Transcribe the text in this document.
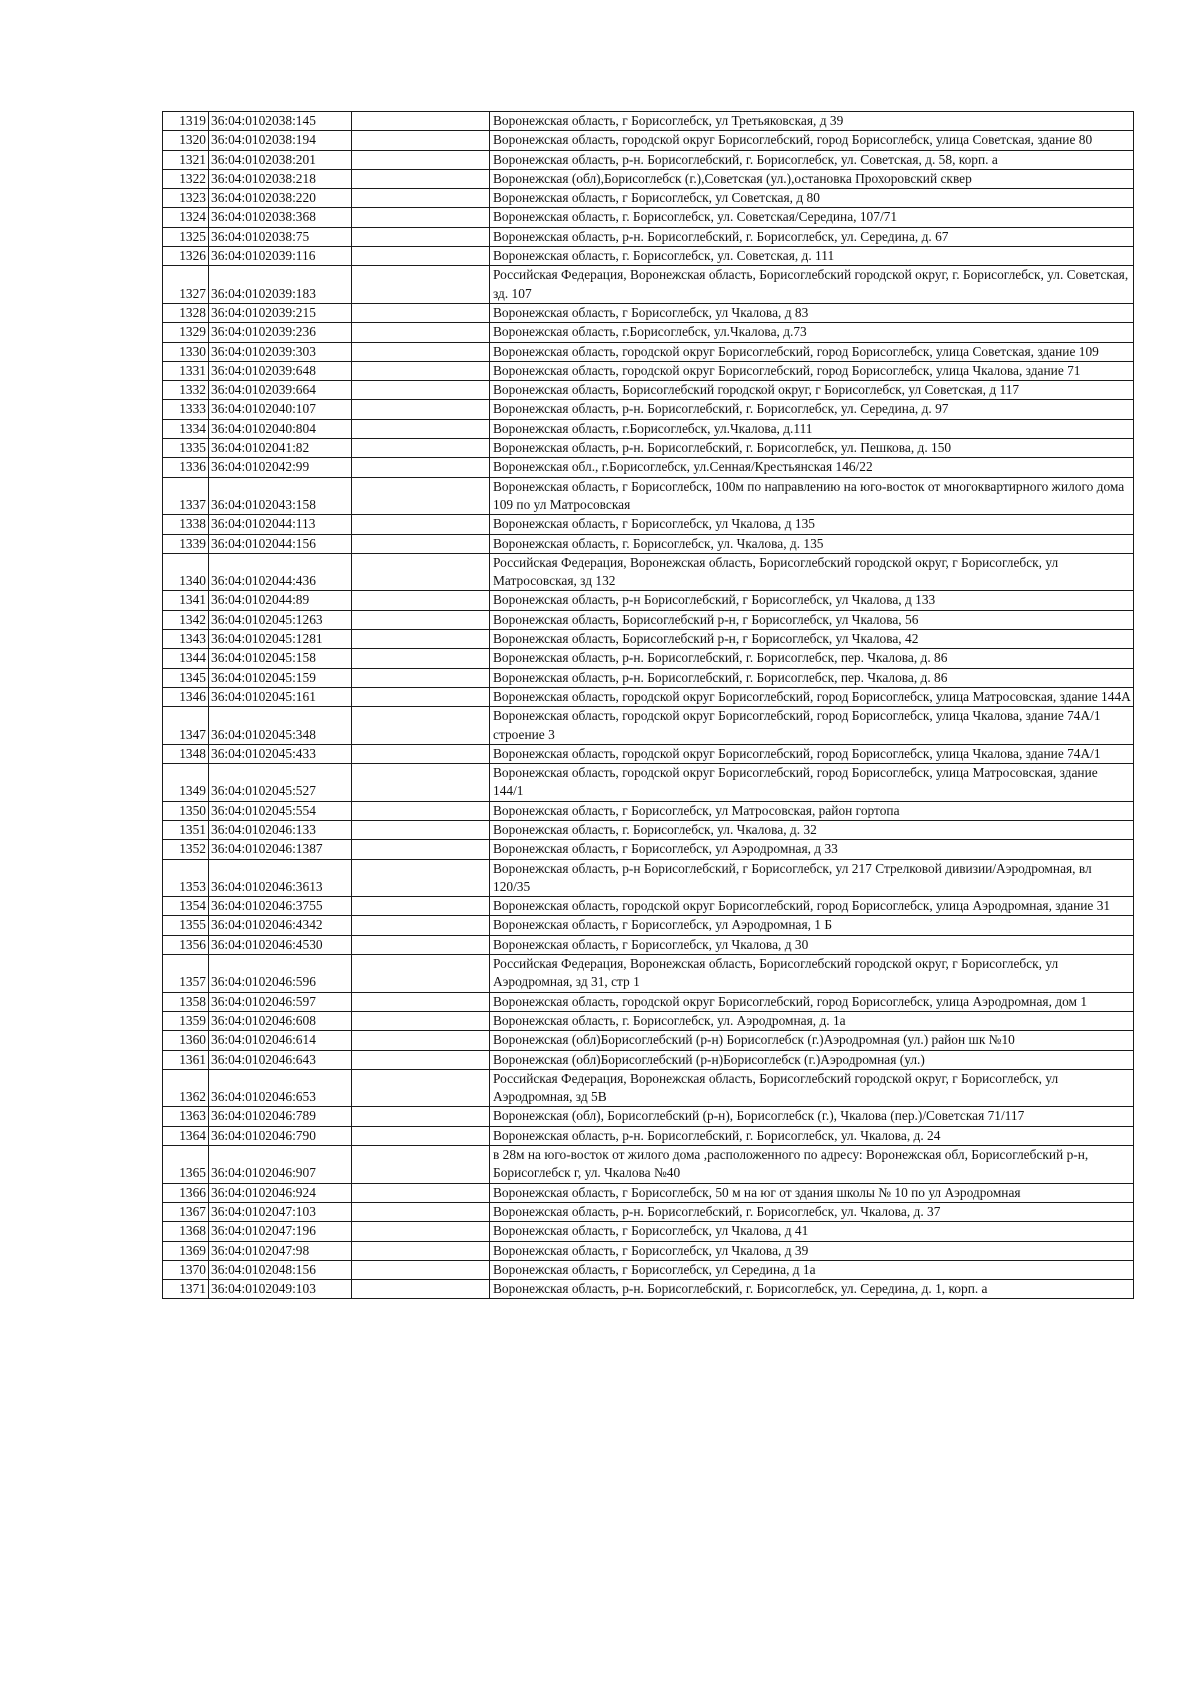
1319	36:04:0102038:145		Воронежская область, г Борисоглебск, ул Третьяковская, д 39
1320	36:04:0102038:194		Воронежская область, городской округ Борисоглебский, город Борисоглебск, улица Советская, здание 80
1321	36:04:0102038:201		Воронежская область, р-н. Борисоглебский, г. Борисоглебск, ул. Советская, д. 58, корп. а
1322	36:04:0102038:218		Воронежская (обл),Борисоглебск (г.),Советская (ул.),остановка Прохоровский сквер
1323	36:04:0102038:220		Воронежская область, г Борисоглебск, ул Советская, д 80
1324	36:04:0102038:368		Воронежская область, г. Борисоглебск, ул. Советская/Середина, 107/71
1325	36:04:0102038:75		Воронежская область, р-н. Борисоглебский, г. Борисоглебск, ул. Середина, д. 67
1326	36:04:0102039:116		Воронежская область, г. Борисоглебск, ул. Советская, д. 111
1327	36:04:0102039:183		Российская Федерация, Воронежская область, Борисоглебский городской округ, г. Борисоглебск, ул. Советская, зд. 107
1328	36:04:0102039:215		Воронежская область, г Борисоглебск, ул Чкалова, д 83
1329	36:04:0102039:236		Воронежская область, г.Борисоглебск, ул.Чкалова, д.73
1330	36:04:0102039:303		Воронежская область, городской округ Борисоглебский, город Борисоглебск, улица Советская, здание 109
1331	36:04:0102039:648		Воронежская область, городской округ Борисоглебский, город Борисоглебск, улица Чкалова, здание 71
1332	36:04:0102039:664		Воронежская область, Борисоглебский городской округ, г Борисоглебск, ул Советская, д 117
1333	36:04:0102040:107		Воронежская область, р-н. Борисоглебский, г. Борисоглебск, ул. Середина, д. 97
1334	36:04:0102040:804		Воронежская область, г.Борисоглебск, ул.Чкалова, д.111
1335	36:04:0102041:82		Воронежская область, р-н. Борисоглебский, г. Борисоглебск, ул. Пешкова, д. 150
1336	36:04:0102042:99		Воронежская обл., г.Борисоглебск, ул.Сенная/Крестьянская 146/22
1337	36:04:0102043:158		Воронежская область, г Борисоглебск, 100м по направлению на юго-восток от многоквартирного жилого дома 109 по ул Матросовская
1338	36:04:0102044:113		Воронежская область, г Борисоглебск, ул Чкалова, д 135
1339	36:04:0102044:156		Воронежская область, г. Борисоглебск, ул. Чкалова, д. 135
1340	36:04:0102044:436		Российская Федерация, Воронежская область, Борисоглебский городской округ, г Борисоглебск, ул Матросовская, зд 132
1341	36:04:0102044:89		Воронежская область, р-н Борисоглебский, г Борисоглебск, ул Чкалова, д 133
1342	36:04:0102045:1263		Воронежская область, Борисоглебский р-н, г Борисоглебск, ул Чкалова, 56
1343	36:04:0102045:1281		Воронежская область, Борисоглебский р-н, г Борисоглебск, ул Чкалова, 42
1344	36:04:0102045:158		Воронежская область, р-н. Борисоглебский, г. Борисоглебск, пер. Чкалова, д. 86
1345	36:04:0102045:159		Воронежская область, р-н. Борисоглебский, г. Борисоглебск, пер. Чкалова, д. 86
1346	36:04:0102045:161		Воронежская область, городской округ Борисоглебский, город Борисоглебск, улица Матросовская, здание 144А
1347	36:04:0102045:348		Воронежская область, городской округ Борисоглебский, город Борисоглебск, улица Чкалова, здание 74А/1 строение 3
1348	36:04:0102045:433		Воронежская область, городской округ Борисоглебский, город Борисоглебск, улица Чкалова, здание 74А/1
1349	36:04:0102045:527		Воронежская область, городской округ Борисоглебский, город Борисоглебск, улица Матросовская, здание 144/1
1350	36:04:0102045:554		Воронежская область, г Борисоглебск, ул Матросовская, район гортопа
1351	36:04:0102046:133		Воронежская область, г. Борисоглебск, ул. Чкалова, д. 32
1352	36:04:0102046:1387		Воронежская область, г Борисоглебск, ул Аэродромная, д 33
1353	36:04:0102046:3613		Воронежская область, р-н Борисоглебский, г Борисоглебск, ул 217 Стрелковой дивизии/Аэродромная, вл 120/35
1354	36:04:0102046:3755		Воронежская область, городской округ Борисоглебский, город Борисоглебск, улица Аэродромная, здание 31
1355	36:04:0102046:4342		Воронежская область, г Борисоглебск, ул Аэродромная, 1 Б
1356	36:04:0102046:4530		Воронежская область, г Борисоглебск, ул Чкалова, д 30
1357	36:04:0102046:596		Российская Федерация, Воронежская область, Борисоглебский городской округ, г Борисоглебск, ул Аэродромная, зд 31, стр 1
1358	36:04:0102046:597		Воронежская область, городской округ Борисоглебский, город Борисоглебск, улица Аэродромная, дом 1
1359	36:04:0102046:608		Воронежская область, г. Борисоглебск, ул. Аэродромная, д. 1а
1360	36:04:0102046:614		Воронежская (обл)Борисоглебский (р-н) Борисоглебск (г.)Аэродромная (ул.) район шк №10
1361	36:04:0102046:643		Воронежская (обл)Борисоглебский (р-н)Борисоглебск (г.)Аэродромная (ул.)
1362	36:04:0102046:653		Российская Федерация, Воронежская область, Борисоглебский городской округ, г Борисоглебск, ул Аэродромная, зд 5В
1363	36:04:0102046:789		Воронежская (обл), Борисоглебский (р-н), Борисоглебск (г.), Чкалова (пер.)/Советская 71/117
1364	36:04:0102046:790		Воронежская область, р-н. Борисоглебский, г. Борисоглебск, ул. Чкалова, д. 24
1365	36:04:0102046:907		в 28м на юго-восток от жилого дома ,расположенного по адресу: Воронежская обл, Борисоглебский р-н, Борисоглебск г, ул. Чкалова №40
1366	36:04:0102046:924		Воронежская область, г Борисоглебск, 50 м на юг от здания школы № 10 по ул Аэродромная
1367	36:04:0102047:103		Воронежская область, р-н. Борисоглебский, г. Борисоглебск, ул. Чкалова, д. 37
1368	36:04:0102047:196		Воронежская область, г Борисоглебск, ул Чкалова, д 41
1369	36:04:0102047:98		Воронежская область, г Борисоглебск, ул Чкалова, д 39
1370	36:04:0102048:156		Воронежская область, г Борисоглебск, ул Середина, д 1а
1371	36:04:0102049:103		Воронежская область, р-н. Борисоглебский, г. Борисоглебск, ул. Середина, д. 1, корп. а
